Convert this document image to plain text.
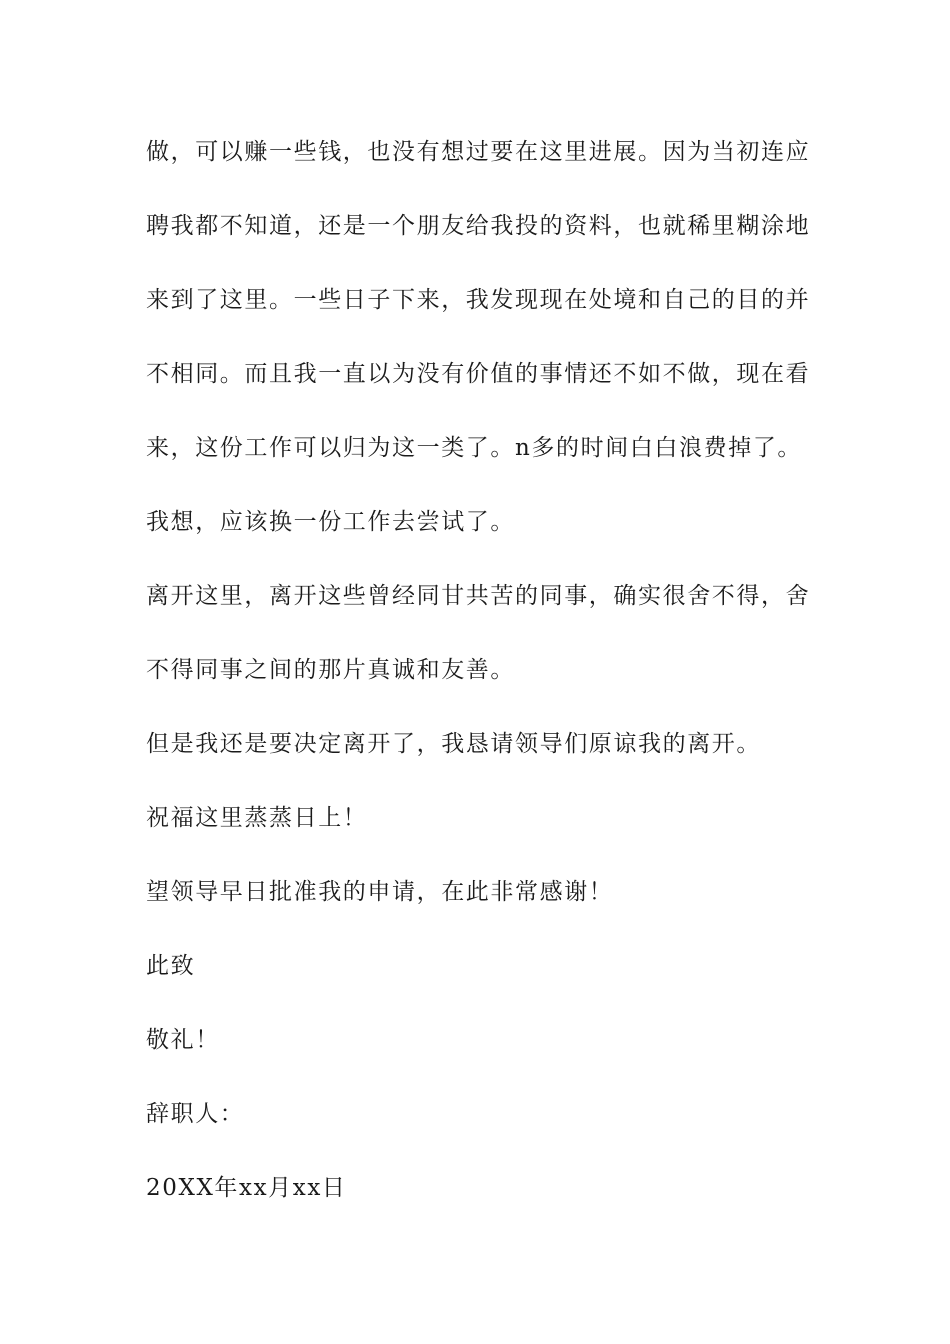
做，可以赚一些钱，也没有想过要在这里进展。因为当初连应
聘我都不知道，还是一个朋友给我投的资料，也就稀里糊涂地
来到了这里。一些日子下来，我发现现在处境和自己的目的并
不相同。而且我一直以为没有价值的事情还不如不做，现在看
来，这份工作可以归为这一类了。n多的时间白白浪费掉了。
我想，应该换一份工作去尝试了。
离开这里，离开这些曾经同甘共苦的同事，确实很舍不得，舍
不得同事之间的那片真诚和友善。
但是我还是要决定离开了，我恳请领导们原谅我的离开。
祝福这里蒸蒸日上！
望领导早日批准我的申请，在此非常感谢！
此致
敬礼！
辞职人：
20XX年xx月xx日
